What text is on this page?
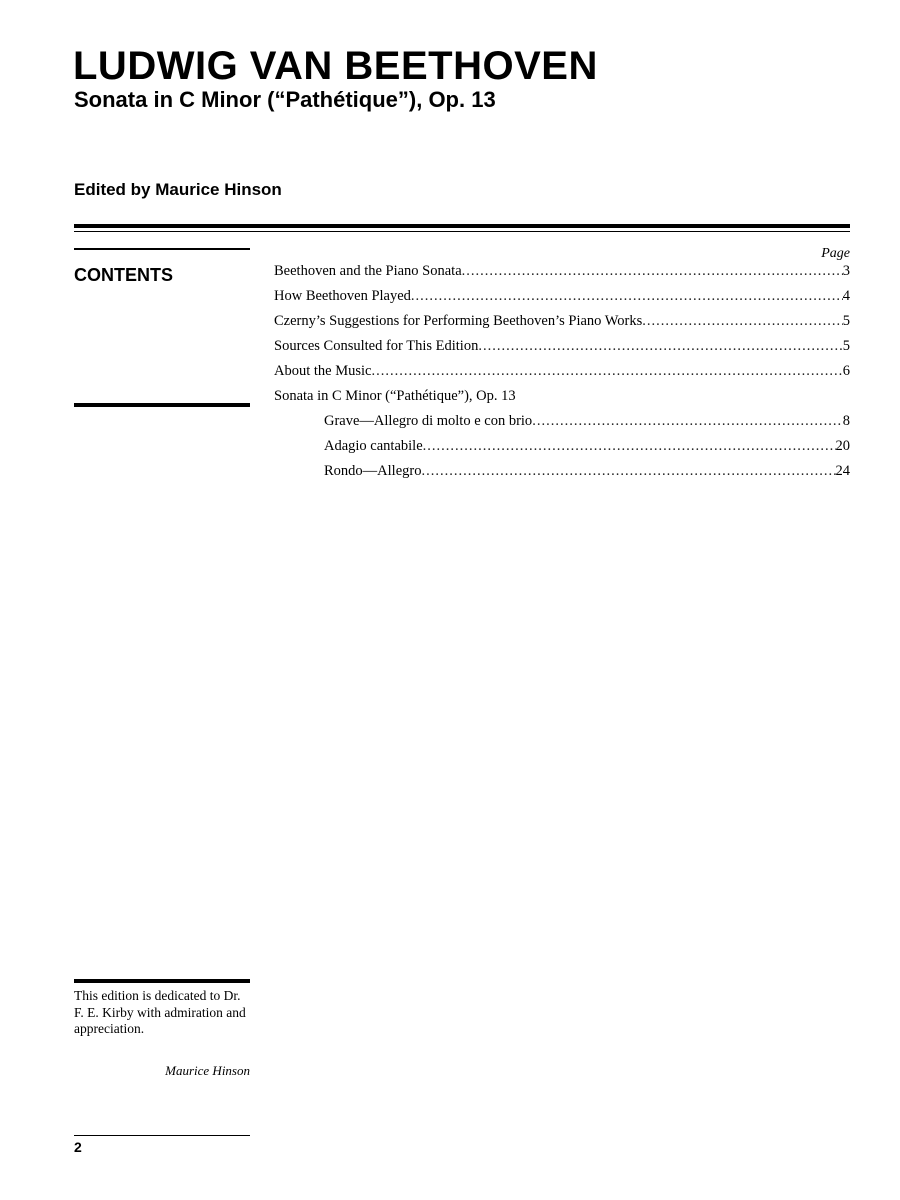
LUDWIG VAN BEETHOVEN
Sonata in C Minor (“Pathétique”), Op. 13
Edited by Maurice Hinson
CONTENTS
Page
Beethoven and the Piano Sonata .....	3
How Beethoven Played .....	4
Czerny’s Suggestions for Performing Beethoven’s Piano Works .....	5
Sources Consulted for This Edition .....	5
About the Music .....	6
Sonata in C Minor (“Pathétique”), Op. 13
Grave—Allegro di molto e con brio .....	8
Adagio cantabile .....	20
Rondo—Allegro .....	24
This edition is dedicated to Dr. F. E. Kirby with admiration and appreciation.
Maurice Hinson
2
